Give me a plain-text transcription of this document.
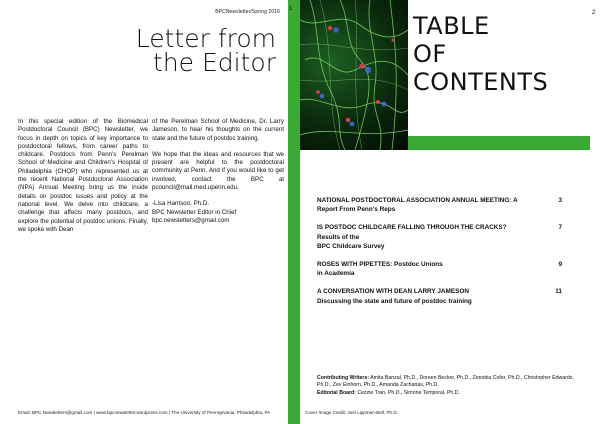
BPCNewsletter/Spring 2016
Letter from
the Editor

In this special edition of the Biomedical Postdoctoral Council (BPC) Newsletter, we focus in depth on topics of key importance to postdoctoral fellows, from career paths to childcare. Postdocs from Penn's Perelman School of Medicine and Children's Hospital of Philadelphia (CHOP) who represented us at the recent National Postdoctoral Association (NPA) Annual Meeting bring us the inside details on postdoc issues and policy at the national level. We delve into childcare, a challenge that affects many postdocs, and explore the potential of postdoc unions. Finally, we spoke with Dean

of the Perelman School of Medicine, Dr. Larry Jameson, to hear his thoughts on the current state and the future of postdoc training.

We hope that the ideas and resources that we present are helpful to the postdoctoral community at Penn. And if you would like to get involved, contact the BPC at pcouncil@mail.med.upenn.edu.

-Lisa Hantsoo, Ph.D.
BPC Newsletter Editor in Chief
bpc.newsletters@gmail.com
Email: BPC.Newsletters@gmail.com | www.bpcnewsletter.wordpress.com | The University of Pennsylvania, Philadelphia, PA
1
TABLE
OF
CONTENTS
NATIONAL POSTDOCTORAL ASSOCIATION ANNUAL MEETING: A Report From Penn's Reps
3
IS POSTDOC CHILDCARE FALLING THROUGH THE CRACKS? Results of the
BPC Childcare Survey
7
ROSES WITH PIPETTES: Postdoc Unions
in Academia
9
A CONVERSATION WITH DEAN LARRY JAMESON
Discussing the state and future of postdoc training
11
Contributing Writers: Amita Banzal, Ph.D., Doreen Becker, Ph.D., Zenobia Cofer, Ph.D., Christopher Edwards, Ph.D., Zev Einhorn, Ph.D., Amanda Zacharias, Ph.D.
Editorial Board: Cezzie Tran, Ph.D., Simone Temporal, Ph.D.
Cover Image Credit: Joel Lippman-Bell, Ph.D.
2
